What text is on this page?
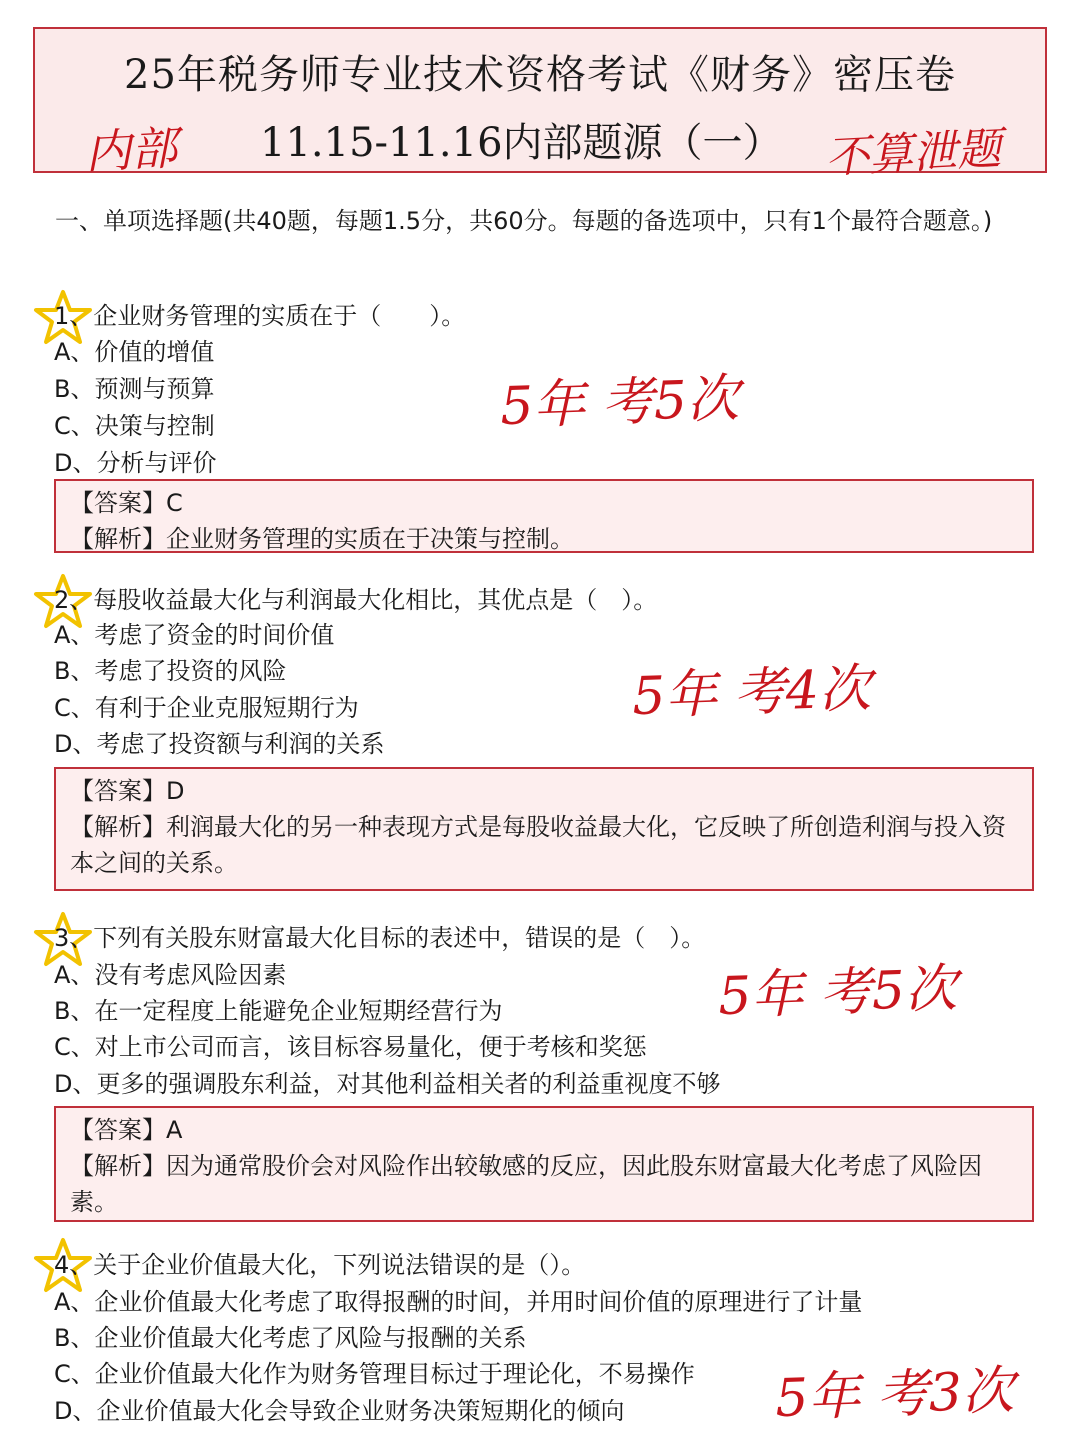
25年税务师专业技术资格考试《财务》密压卷
内部 11.15-11.16内部题源（一） 不算泄题
一、单项选择题(共40题，每题1.5分，共60分。每题的备选项中，只有1个最符合题意。)
1、企业财务管理的实质在于（　　）。
A、价值的增值
B、预测与预算
C、决策与控制
D、分析与评价
5年 考5次
【答案】C
【解析】企业财务管理的实质在于决策与控制。
2、每股收益最大化与利润最大化相比，其优点是（　）。
A、考虑了资金的时间价值
B、考虑了投资的风险
C、有利于企业克服短期行为
D、考虑了投资额与利润的关系
5年 考4次
【答案】D
【解析】利润最大化的另一种表现方式是每股收益最大化，它反映了所创造利润与投入资本之间的关系。
3、下列有关股东财富最大化目标的表述中，错误的是（　）。
A、没有考虑风险因素
B、在一定程度上能避免企业短期经营行为
C、对上市公司而言，该目标容易量化，便于考核和奖惩
D、更多的强调股东利益，对其他利益相关者的利益重视度不够
5年 考5次
【答案】A
【解析】因为通常股价会对风险作出较敏感的反应，因此股东财富最大化考虑了风险因素。
4、关于企业价值最大化，下列说法错误的是（）。
A、企业价值最大化考虑了取得报酬的时间，并用时间价值的原理进行了计量
B、企业价值最大化考虑了风险与报酬的关系
C、企业价值最大化作为财务管理目标过于理论化，不易操作
D、企业价值最大化会导致企业财务决策短期化的倾向	5年 考3次
